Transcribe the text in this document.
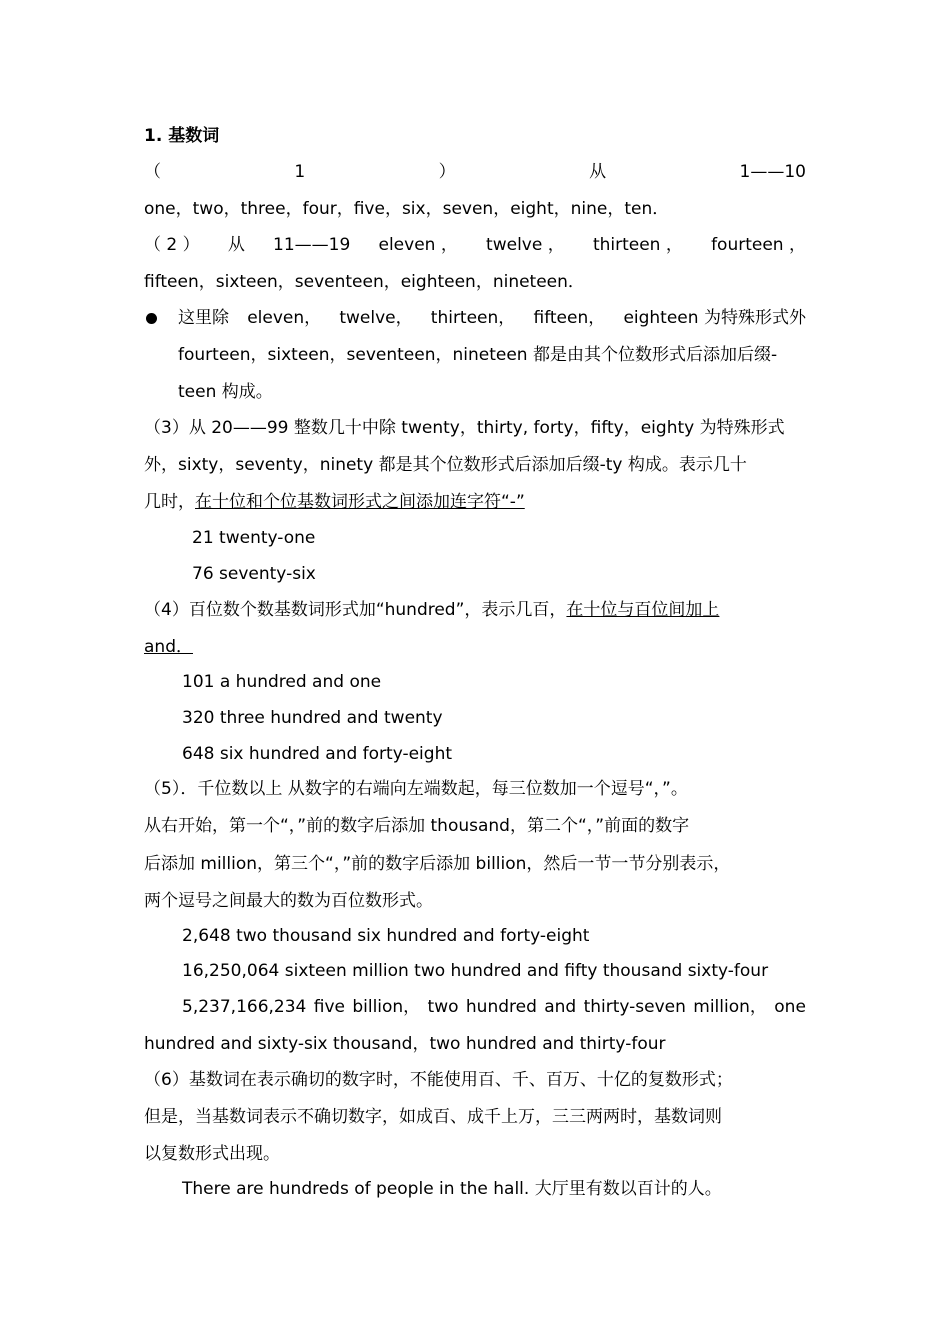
1. 基数词
（	1	）	从	1——10
one，two，three，four，five，six，seven，eight，nine，ten．
（ 2 ） 从 11——19 eleven ， twelve ， thirteen ， fourteen ，
fifteen，sixteen，seventeen，eighteen，nineteen．
这里除 eleven， twelve， thirteen， fifteen， eighteen 为特殊形式外
fourteen，sixteen，seventeen，nineteen 都是由其个位数形式后添加后缀-
teen 构成。
（3）从 20——99 整数几十中除 twenty，thirty, forty，fifty，eighty 为特殊形式
外，sixty，seventy，ninety 都是其个位数形式后添加后缀-ty 构成。表示几十
几时，在十位和个位基数词形式之间添加连字符“-”
21 twenty-one
76 seventy-six
（4）百位数个数基数词形式加“hundred”，表示几百，在十位与百位间加上
and．
101 a hundred and one
320 three hundred and twenty
648 six hundred and forty-eight
（5）．千位数以上 从数字的右端向左端数起，每三位数加一个逗号“，”。
从右开始，第一个“，”前的数字后添加 thousand，第二个“，”前面的数字
后添加 million，第三个“，”前的数字后添加 billion，然后一节一节分别表示，
两个逗号之间最大的数为百位数形式。
2,648 two thousand six hundred and forty-eight
16,250,064 sixteen million two hundred and fifty thousand sixty-four
5,237,166,234 five billion， two hundred and thirty-seven million， one
hundred and sixty-six thousand，two hundred and thirty-four
（6）基数词在表示确切的数字时，不能使用百、千、百万、十亿的复数形式；
但是，当基数词表示不确切数字，如成百、成千上万，三三两两时，基数词则
以复数形式出现。
There are hundreds of people in the hall. 大厅里有数以百计的人。
